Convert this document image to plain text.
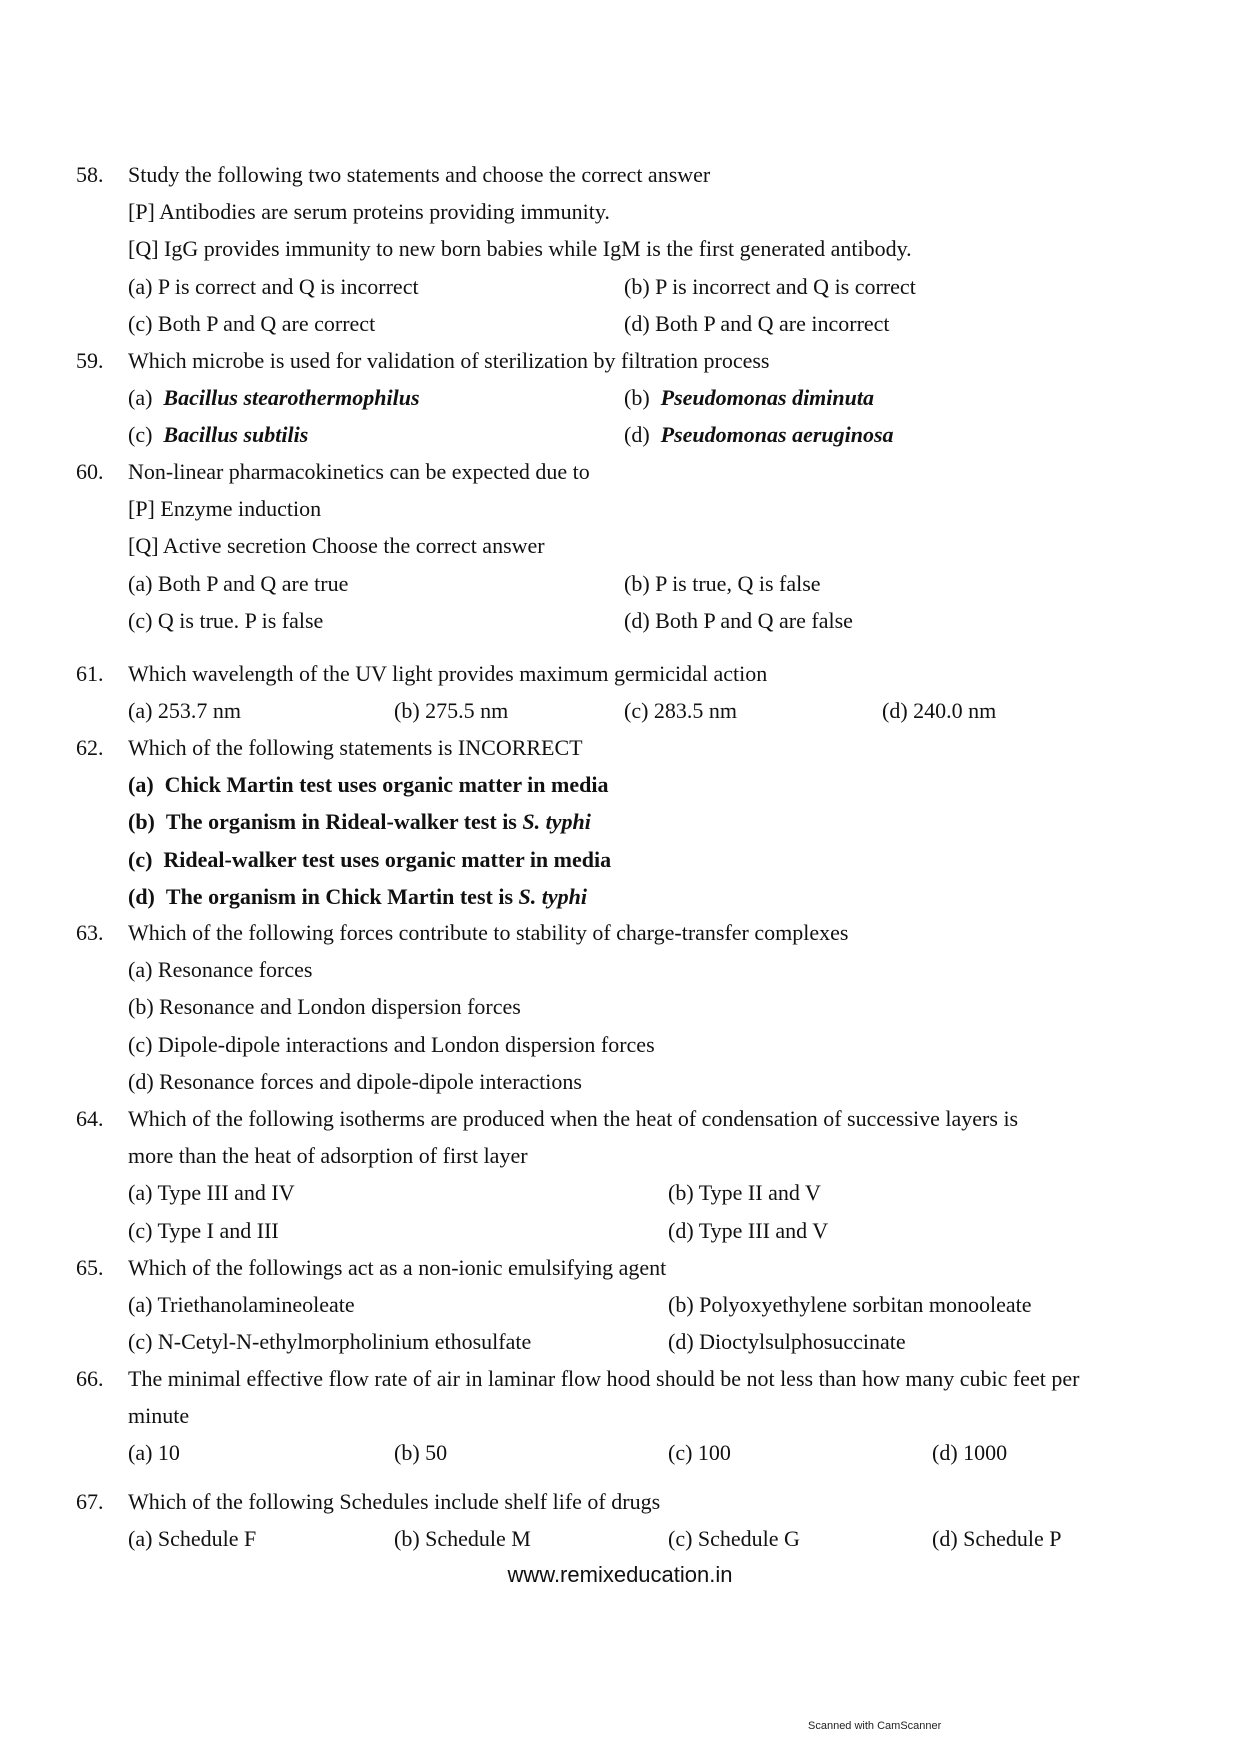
58.	Study the following two statements and choose the correct answer
[P] Antibodies are serum proteins providing immunity.
[Q] IgG provides immunity to new born babies while IgM is the first generated antibody.
(a) P is correct and Q is incorrect	(b) P is incorrect and Q is correct
(c) Both P and Q are correct	(d) Both P and Q are incorrect
59.	Which microbe is used for validation of sterilization by filtration process
(a) Bacillus stearothermophilus	(b) Pseudomonas diminuta
(c) Bacillus subtilis	(d) Pseudomonas aeruginosa
60.	Non-linear pharmacokinetics can be expected due to
[P] Enzyme induction
[Q] Active secretion Choose the correct answer
(a) Both P and Q are true	(b) P is true, Q is false
(c) Q is true. P is false	(d) Both P and Q are false
61.	Which wavelength of the UV light provides maximum germicidal action
(a) 253.7 nm	(b) 275.5 nm	(c) 283.5 nm	(d) 240.0 nm
62.	Which of the following statements is INCORRECT
(a) Chick Martin test uses organic matter in media
(b) The organism in Rideal-walker test is S. typhi
(c) Rideal-walker test uses organic matter in media
(d) The organism in Chick Martin test is S. typhi
63.	Which of the following forces contribute to stability of charge-transfer complexes
(a) Resonance forces
(b) Resonance and London dispersion forces
(c) Dipole-dipole interactions and London dispersion forces
(d) Resonance forces and dipole-dipole interactions
64.	Which of the following isotherms are produced when the heat of condensation of successive layers is
more than the heat of adsorption of first layer
(a) Type III and IV	(b) Type II and V
(c) Type I and III	(d) Type III and V
65.	Which of the followings act as a non-ionic emulsifying agent
(a) Triethanolamineoleate	(b) Polyoxyethylene sorbitan monooleate
(c) N-Cetyl-N-ethylmorpholinium ethosulfate	(d) Dioctylsulphosuccinate
66.	The minimal effective flow rate of air in laminar flow hood should be not less than how many cubic feet per
minute
(a) 10	(b) 50	(c) 100	(d) 1000
67.	Which of the following Schedules include shelf life of drugs
(a) Schedule F	(b) Schedule M	(c) Schedule G	(d) Schedule P
www.remixeducation.in
Scanned with CamScanner
